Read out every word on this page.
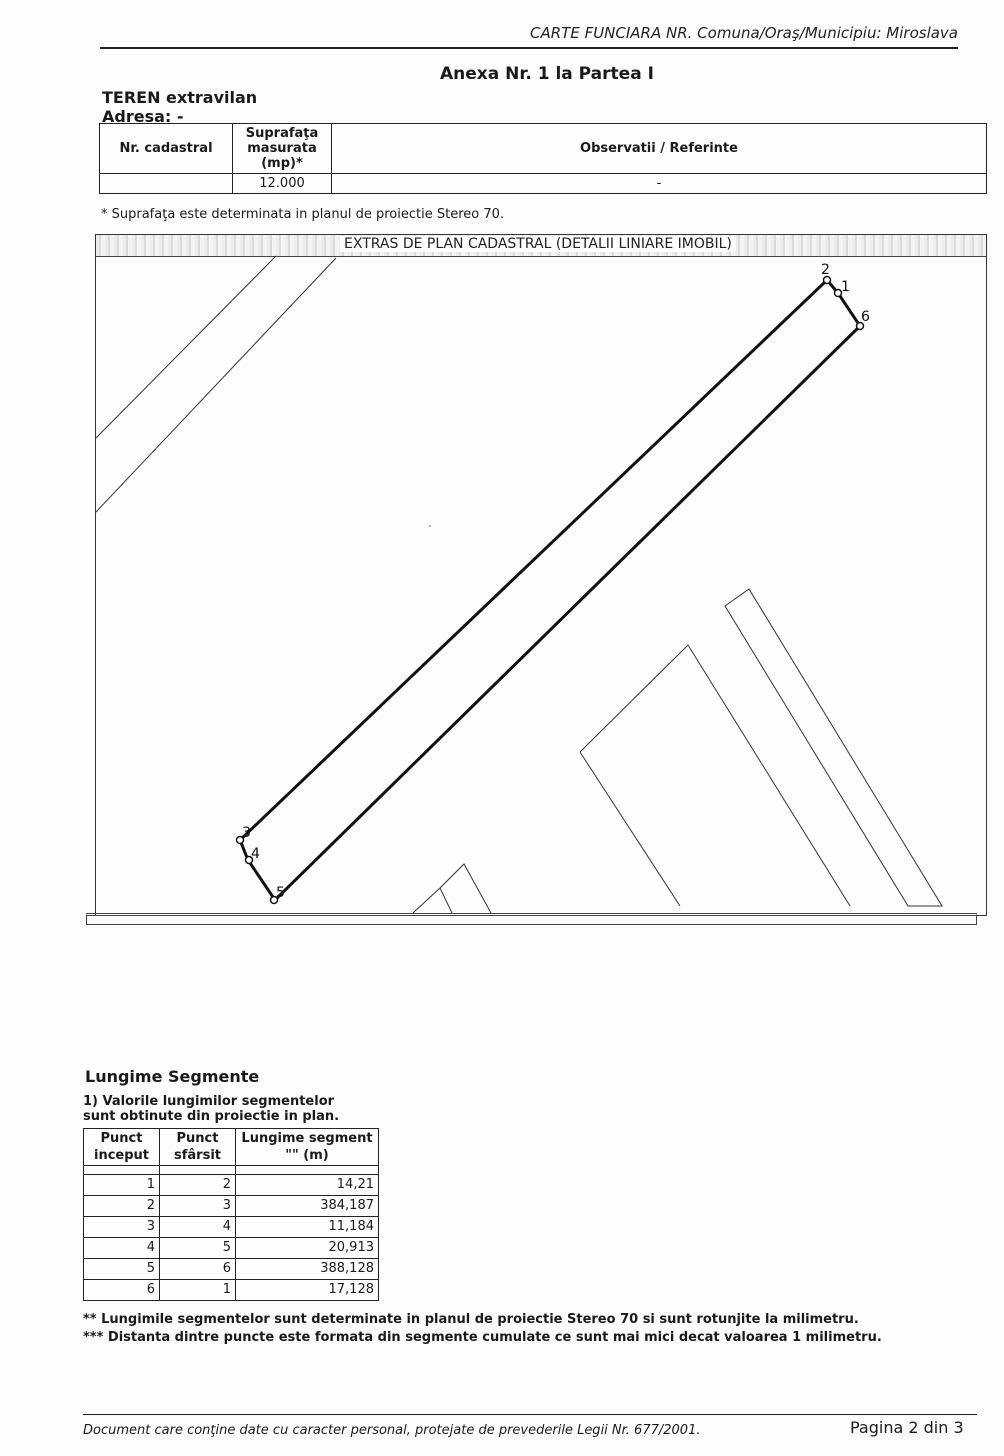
CARTE FUNCIARA NR. Comuna/Oraş/Municipiu: Miroslava
Anexa Nr. 1 la Partea I
TEREN extravilan
Adresa: -
Nr. cadastral	Suprafaţa masurata (mp)*	Observatii / Referinte
	12.000	-
* Suprafaţa este determinata in planul de proiectie Stereo 70.
EXTRAS DE PLAN CADASTRAL (DETALII LINIARE IMOBIL)
1
2
3
4
5
6
Lungime Segmente
1) Valorile lungimilor segmentelor
sunt obtinute din proiectie in plan.
Punct inceput	Punct sfârsit	Lungime segment "" (m)

1	2	14,21
2	3	384,187
3	4	11,184
4	5	20,913
5	6	388,128
6	1	17,128
** Lungimile segmentelor sunt determinate in planul de proiectie Stereo 70 si sunt rotunjite la milimetru.
*** Distanta dintre puncte este formata din segmente cumulate ce sunt mai mici decat valoarea 1 milimetru.
Document care conţine date cu caracter personal, protejate de prevederile Legii Nr. 677/2001.	Pagina 2 din 3
